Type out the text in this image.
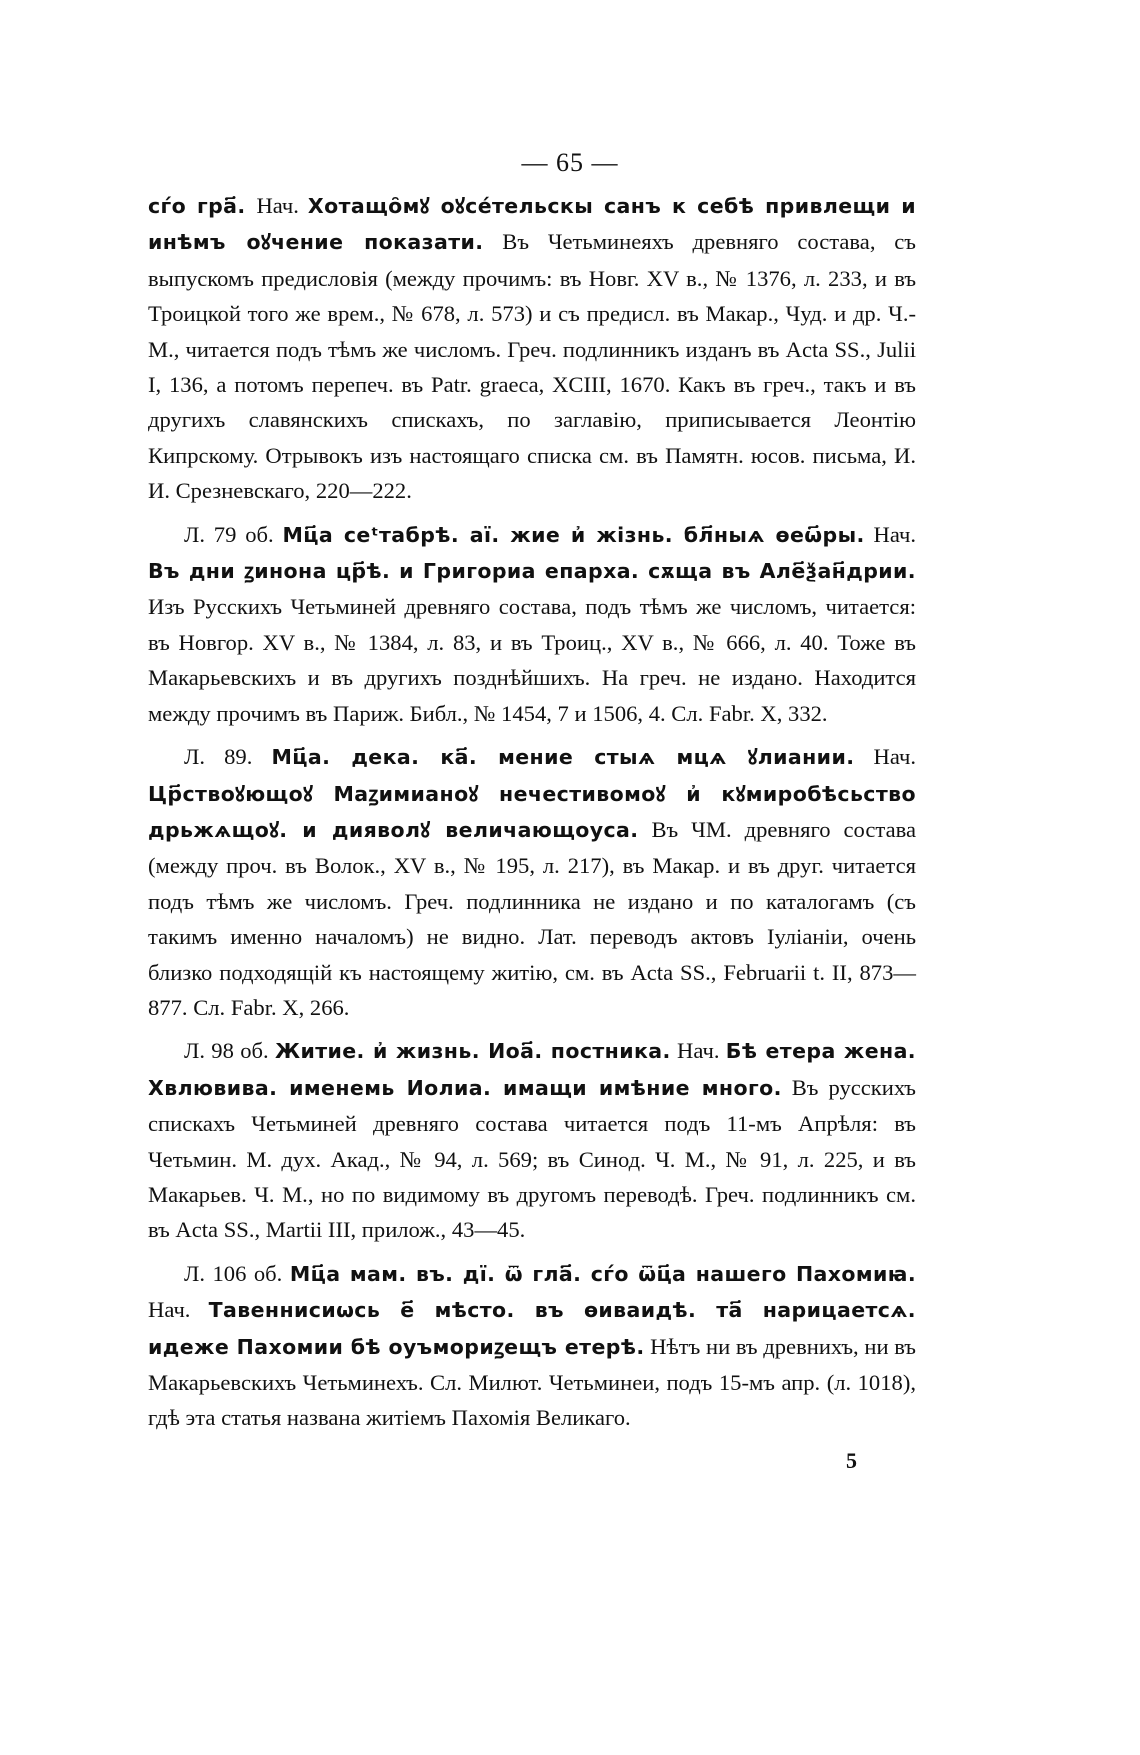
— 65 —

сѓо гра҃. Нач. Хотащо̑мꙋ оꙋсе́тельскы санъ к себѣ привлещи и инѣмъ оꙋчение показати. Въ Четьминеяхъ древняго состава, съ выпускомъ предисловія (между прочимъ: въ Новг. XV в., № 1376, л. 233, и въ Троицкой того же врем., № 678, л. 573) и съ предисл. въ Макар., Чуд. и др. Ч.-М., читается подъ тѣмъ же числомъ. Греч. подлинникъ изданъ въ Acta SS., Julii I, 136, а потомъ перепеч. въ Patr. graeca, XCIII, 1670. Какъ въ греч., такъ и въ другихъ славянскихъ спискахъ, по заглавію, приписывается Леонтію Кипрскому. Отрывокъ изъ настоящаго списка см. въ Памятн. юсов. письма, И. И. Срезневскаго, 220—222.

Л. 79 об. Мц҃а сеᵗтабрѣ. аї. жие и҆ жізнь. бл҃ныѧ ѳеѡ҃ры. Нач. Въ дни ꙁинона цр҃ѣ. и Григориа епарха. сѫща въ Але҃ѯан҃дрии. Изъ Русскихъ Четьминей древняго состава, подъ тѣмъ же числомъ, читается: въ Новгор. XV в., № 1384, л. 83, и въ Троиц., XV в., № 666, л. 40. Тоже въ Макарьевскихъ и въ другихъ позднѣйшихъ. На греч. не издано. Находится между прочимъ въ Париж. Библ., № 1454, 7 и 1506, 4. Сл. Fabr. X, 332.

Л. 89. Мц҃а. дека. ка҃. мение стыѧ мцѧ ꙋлиании. Нач. Цр҃ствоꙋющоꙋ Маꙁимианоꙋ нечестивомоꙋ и҆ кꙋмиробѣсьство дрьжѧщоꙋ. и дияволꙋ величающоуса. Въ ЧМ. древняго состава (между проч. въ Волок., XV в., № 195, л. 217), въ Макар. и въ друг. читается подъ тѣмъ же числомъ. Греч. подлинника не издано и по каталогамъ (съ такимъ именно началомъ) не видно. Лат. переводъ актовъ Іуліаніи, очень близко подходящій къ настоящему житію, см. въ Acta SS., Februarii t. II, 873—877. Сл. Fabr. X, 266.

Л. 98 об. Житие. и҆ жизнь. Иоа҃. постника. Нач. Бѣ етера жена. Хвлювива. именемь Иолиа. имащи имѣние много. Въ русскихъ спискахъ Четьминей древняго состава читается подъ 11-мъ Апрѣля: въ Четьмин. М. дух. Акад., № 94, л. 569; въ Синод. Ч. М., № 91, л. 225, и въ Макарьев. Ч. М., но по видимому въ другомъ переводѣ. Греч. подлинникъ см. въ Acta SS., Martii III, прилож., 43—45.

Л. 106 об. Мц҃а мам. въ. дї. ѿ гла҃. сѓо ѿц҃а нашего Пахомиꙗ. Нач. Тавеннисиѡсь е҃ мѣсто. въ ѳиваидѣ. та҃ нарицаетсѧ. идеже Пахомии бѣ оуъмориꙁещъ етерѣ. Нѣтъ ни въ древнихъ, ни въ Макарьевскихъ Четьминехъ. Сл. Милют. Четьминеи, подъ 15-мъ апр. (л. 1018), гдѣ эта статья названа житіемъ Пахомія Великаго.

5
